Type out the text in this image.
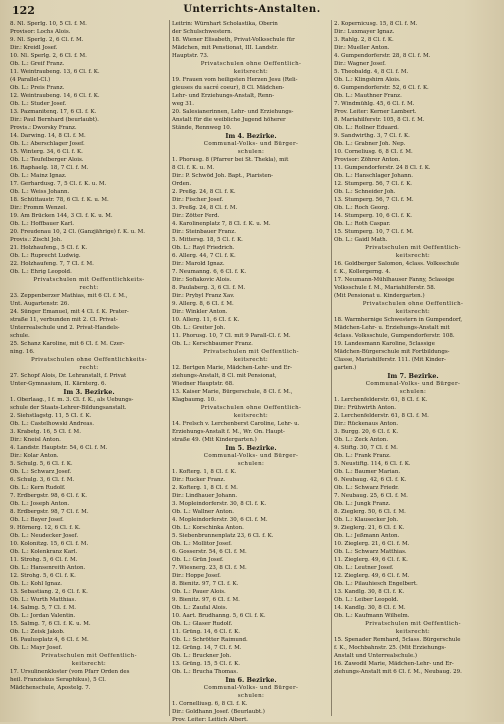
122	Unterrichts-Anstalten.
8. Nl. Sperlg. 10, 5 Cl. f. M.
Provisor: Lochs Alois.
9. Nl. Sperlg. 2, 6 Cl. f. M.
Dir.: Kreidl Josef.
10. Nl. Sperlg. 2, 6 Cl. f. M.
Ob. L.: Greif Franz.
11. Weintraubeng. 13, 6 Cl. f. K.
(4 Parallel-Cl.)
Ob. L.: Preis Franz.
12. Weintraubeng. 14, 6 Cl. f. K.
Ob. L.: Studer Josef.
13. Pazmanitenq. 17, 6 Cl. f. K.
Dir.: Paul Bernhard (beurlaubt).
Provis.: Dworsky Franz.
14. Darwing. 14, 8 Cl. f. M.
Ob. L.: Aberschlager Josef.
15. Winterg. 34, 6 Cl. f. K.
Ob. L.: Teufelberger Alois.
16. Raphaelg. 18, 7 Cl. f. M.
Ob. L.: Mainz Ignaz.
17. Gerhardusg. 7, 5 Cl. f. K. u. M.
Ob. L.: Weiss Johann.
18. Schüttaustr. 78, 6 Cl. f. K. u. M.
Dir.: Fromm Wenzel.
19. Am Brücken 144, 3 Cl. f. K. u. M.
Ob. L.: Hoffbauer Karl.
20. Freudenau 10, 2 Cl. (Ganzjährige) f. K. u. M.
Provis.: Zischl Joh.
21. Holzhaufeng., 5 Cl. f. K.
Ob. L.: Ruprecht Ludwig.
22. Holzhaufeng. 7, 7 Cl. f. M.
Ob. L.: Ehrig Leopold.
Privatschulen mit Oeffentlichkeits-
recht:
23. Zeppenberzer Mathias, mit 6 Cl. f. M.,
Unt. Augartenstr. 26.
24. Sünger Emanuel, mit 4 Cl. f. K. Prater-
straße 11, verbunden mit 2. Cl. Privat-
Unterrealschule und 2. Privat-Handels-
schule.
25. Schanz Karoline, mit 6 Cl. f. M. Czer-
ning. 16.
Privatschulen ohne Oeffentlichkeits-
recht:
27. Schopf Alois, Dr. Lehranstalt, f. Privat
Unter-Gymnasium, II. Kärnterg. 6.
Im 3. Bezirke.
1. Oberlaag., I f. m. 3. Cl. f. K., als Uebungs-
schule der Staats-Lehrer-Bildungsanstalt.
2. Siehstlagstg. 11, 5 Cl. f. K.
Ob. L.: Castelhowski Andreas.
3. Krabetg. 16, 5 Cl. f. M.
Dir.: Kneisl Anton.
4. Landstr. Hauptstr. 54, 6 Cl. f. M.
Dir.: Kolar Anton.
5. Schulg. 5, 6 Cl. f. K.
Ob. L.: Schwarz Josef.
6. Schulg. 3, 6 Cl. f. M.
Ob. L.: Kern Rudolf.
7. Erdbergstr. 98, 6 Cl. f. K.
Ob. L.: Joseph Anton.
8. Erdbergstr. 98, 7 Cl. f. M.
Ob. L.: Bayer Josef.
9. Hörnerg. 12, 6 Cl. f. K.
Ob. L.: Neudecker Josef.
10. Kolonitzg. 15, 6 Cl. f. M.
Ob. L.: Kolenkranz Karl.
11. Strohg. 5, 6 Cl. f. M.
Ob. L.: Hansenreith Anton.
12. Strohg. 5, 6 Cl. f. K.
Ob. L.: Kohl Ignaz.
13. Sebastiang. 2, 6 Cl. f. K.
Ob. L.: Wurth Matthias.
14. Salmg. 5, 7 Cl. f. M.
Ob. L.: Jordan Valentin.
15. Salmg. 7, 6 Cl. f. K. u. M.
Ob. L.: Zeisk Jakob.
16. Paulusplatz 4, 6 Cl. f. M.
Ob. L.: Mayr Josef.
Privatschulen mit Oeffentlich-
keitsrecht:
17. Ursulinenkloster (vom Pfarr Orden des
heil. Franziskus Seraphikus), 5 Cl.
Mädchenschule, Apostelg. 7.
Leitrin: Würnhart Scholastika, Oberin
der Schulschwestern.
18. Wiener Elisabeth, Privat-Volksschule für
Mädchen, mit Penstionat, III. Landstr.
Hauptstr. 73.
Privatschulen ohne Oeffentlich-
keitsrecht:
19. Frauen vom heiligsten Herzen Jesu (Reli-
gieuses du sacré coeur), 8 Cl. Mädchen-
Lehr- und Erziehungs-Anstalt, Renn-
weg 31.
20. Salesianerinnen, Lehr- und Erziehungs-
Anstalt für die weibliche Jugend höherer
Stände, Rennweg 10.
Im 4. Bezirke.
Communal-Volks- und Bürger-
schulen:
1. Phorusg. 8 (Pfarrer bei St. Thekla), mit
8 Cl. f. K. u. M.
Dir.: P. Schwöd Joh. Bapt., Piaristen-
Orden.
2. Preßg. 24, 8 Cl. f. K.
Dir.: Fischer Josef.
3. Preßg. 24, 8 Cl. f. M.
Dir.: Zötter Ferd.
4. Karolinenplatz 7, 8 Cl. f. K. u. M.
Dir.: Steinbauer Franz.
5. Mittersg. 18, 5 Cl. f. K.
Ob. L.: Rayl Friedrich.
6. Allerg. 44, 7 Cl. f. K.
Dir.: Marold Ignaz.
7. Neumanng. 6, 6 Cl. f. K.
Dir.: Sofiakovic Alois.
8. Paulaberg. 3, 6 Cl. f. M.
Dir.: Prybyl Franz Xav.
9. Allerg. 8, 6 Cl. f. M.
Dir.: Winkler Anton.
10. Allerg. 11, 6 Cl. f. K.
Ob. L.: Greiter Joh.
11. Phorusg. 10, 7 Cl. mit 9 Parall-Cl. f. M.
Ob. L.: Kerschbaumer Franz.
Privatschulen mit Oeffentlich-
keitsrecht:
12. Bertgen Marie, Mädchen-Lehr- und Er-
ziehungs-Anstalt, 8 Cl. mit Pensionat,
Wiedner Hauptstr. 68.
13. Kaiser Marie, Bürgerschule, 8 Cl. f. M.,
Klagbaumg. 10.
Privatschulen ohne Oeffentlich-
keitsrecht:
14. Frelsch v. Lerchenberst Caroline, Lehr- u.
Erziehungs-Anstalt f. M., Wr. On. Haupt-
straße 49. (Mit Kindergarten.)
Im 5. Bezirke.
Communal-Volks- und Bürger-
schulen:
1. Kofterg. 1, 8 Cl. f. K.
Dir.: Rucker Franz.
2. Kofterg. 1, 8 Cl. f. M.
Dir.: Lindhauer Johann.
3. Mopleindorferstr. 30, 8 Cl. f. K.
Ob. L.: Wallner Anton.
4. Mopleindorferstr. 30, 6 Cl. f. M.
Ob. L.: Korschinka Anton.
5. Siebenbrunnenplatz 23, 6 Cl. f. K.
Ob. L.: Mollitor Josef.
6. Gosserstr. 54, 6 Cl. f. M.
Ob. L.: Grün Josef.
7. Wiesnerg. 23, 8 Cl. f. M.
Dir.: Hoppe Josef.
8. Bienitz. 97, 7 Cl. f. K.
Ob. L.: Pauer Alois.
9. Bienitz. 97, 6 Cl. f. M.
Ob. L.: Zaufal Alois.
10. Aart. Brudhanng. 5, 6 Cl. f. K.
Ob. L.: Glaser Rudolf.
11. Grüng. 14, 6 Cl. f. K.
Ob. L.: Schrötter Raimund.
12. Grüng. 14, 7 Cl. f. M.
Ob. L.: Bruckner Joh.
13. Grüng. 15, 5 Cl. f. K.
Ob. L.: Brucha Thomas.
Im 6. Bezirke.
Communal-Volks- und Bürger-
schulen:
1. Cornelliusg. 6, 8 Cl. f. K.
Dir.: Goldhann Josef. (Beurlaubt.)
Prov. Leiter: Leitich Albert.
2. Kopernicusg. 15, 8 Cl. f. M.
Dir.: Luxmayer Ignaz.
3. Rahlg. 2, 8 Cl. f. K.
Dir.: Mueller Anton.
4. Gumpendorferstr. 28, 8 Cl. f. M.
Dir.: Wagner Josef.
5. Theobaldg. 4, 8 Cl. f. M.
Ob. L.: Klingshirn Alois.
6. Gumpendorferstr. 52, 6 Cl. f. K.
Ob. L.: Mauthner Franz.
7. Windmühlg. 45, 6 Cl. f. M.
Prov. Leiter: Kerner Lambert.
8. Mariahilferstr. 105, 8 Cl. f. M.
Ob. L.: Rollner Eduard.
9. Sandwirthg. 3, 7 Cl. f. K.
Ob. L.: Grabner Joh. Nep.
10. Corneliusg. 6, 8 Cl. f. M.
Provisor: Zöhrer Anton.
11. Gumpendorferstr. 24 8 Cl. f. K.
Ob. L.: Hanschlager Johann.
12. Stumperg. 56, 7 Cl. f. K.
Ob. L.: Schneider Joh.
13. Stumperg. 56, 7 Cl. f. M.
Ob. L.: Roch Georg.
14. Stumperg. 10, 6 Cl. f. K.
Ob. L.: Roth Caspar.
15. Stumperg. 10, 7 Cl. f. M.
Ob. L.: Gaidl Math.
Privatschulen mit Oeffentlich-
keitsrecht:
16. Goldberger Salomon, 4class. Volksschule
f. K., Kollergerng. 4.
17. Neumann-Mühlhauser Fanny, 5classige
Volksschule f. M., Mariahilferstr. 58.
(Mit Pensionat u. Kindergarten.)
Privatschulen ohne Oeffentlich-
keitsrecht:
18. Warmhernige Schwestern in Gumpendorf,
Mädchen-Lehr- u. Erziehungs-Anstalt mit
4class. Volksschule, Gumpendorferstr. 108.
19. Landesmann Karoline, 5classige
Mädchen-Bürgerschule mit Fortbildungs-
Classe, Mariahilferstr. 111. (Mit Kinder-
garten.)
Im 7. Bezirke.
Communal-Volks- und Bürger-
schulen:
1. Lerchenfelderstr. 61, 8 Cl. f. K.
Dir.: Frühwirth Anton.
2. Lerchenfelderstr. 61, 8 Cl. f. M.
Dir.: Rückenaus Anton.
3. Burgg. 20, 6 Cl. f. K.
Ob. L.: Zeck Anton.
4. Stiftg. 30, 7 Cl. f. M.
Ob. L.: Frank Franz.
5. Neustiftg. 114, 6 Cl. f. K.
Ob. L.: Baumer Marian.
6. Neubaug. 42, 6 Cl. f. K.
Ob. L.: Schwarz Friedr.
7. Neubaug. 25, 6 Cl. f. M.
Ob. L.: Jungk Franz.
8. Zieglerg. 50, 6 Cl. f. M.
Ob. L.: Klausecker Joh.
9. Zieglerg. 21, 6 Cl. f. K.
Ob. L.: Jeßmann Anton.
10. Zieglerg. 21, 6 Cl. f. M.
Ob. L.: Schwarz Matthias.
11. Zieglerg. 49, 6 Cl. f. K.
Ob. L.: Leutner Josef.
12. Zieglerg. 49, 6 Cl. f. M.
Ob. L.: Pilauhiesch Engelbert.
13. Kandlg. 30, 8 Cl. f. K.
Ob. L.: Leiber Leopold.
14. Kandlg. 30, 8 Cl. f. M.
Ob. L.: Kaufmann Wilhelm.
Privatschulen mit Oeffentlich-
keitsrecht:
15. Spenader Remhard, 5class. Bürgerschule
f. K., Mochbahnstr. 25. (Mit Erziehungs-
Anstalt und Unterrealschule.)
16. Zawodil Marie, Mädchen-Lehr- und Er-
ziehungs-Anstalt mit 6 Cl. f. M., Neubaug. 29.
